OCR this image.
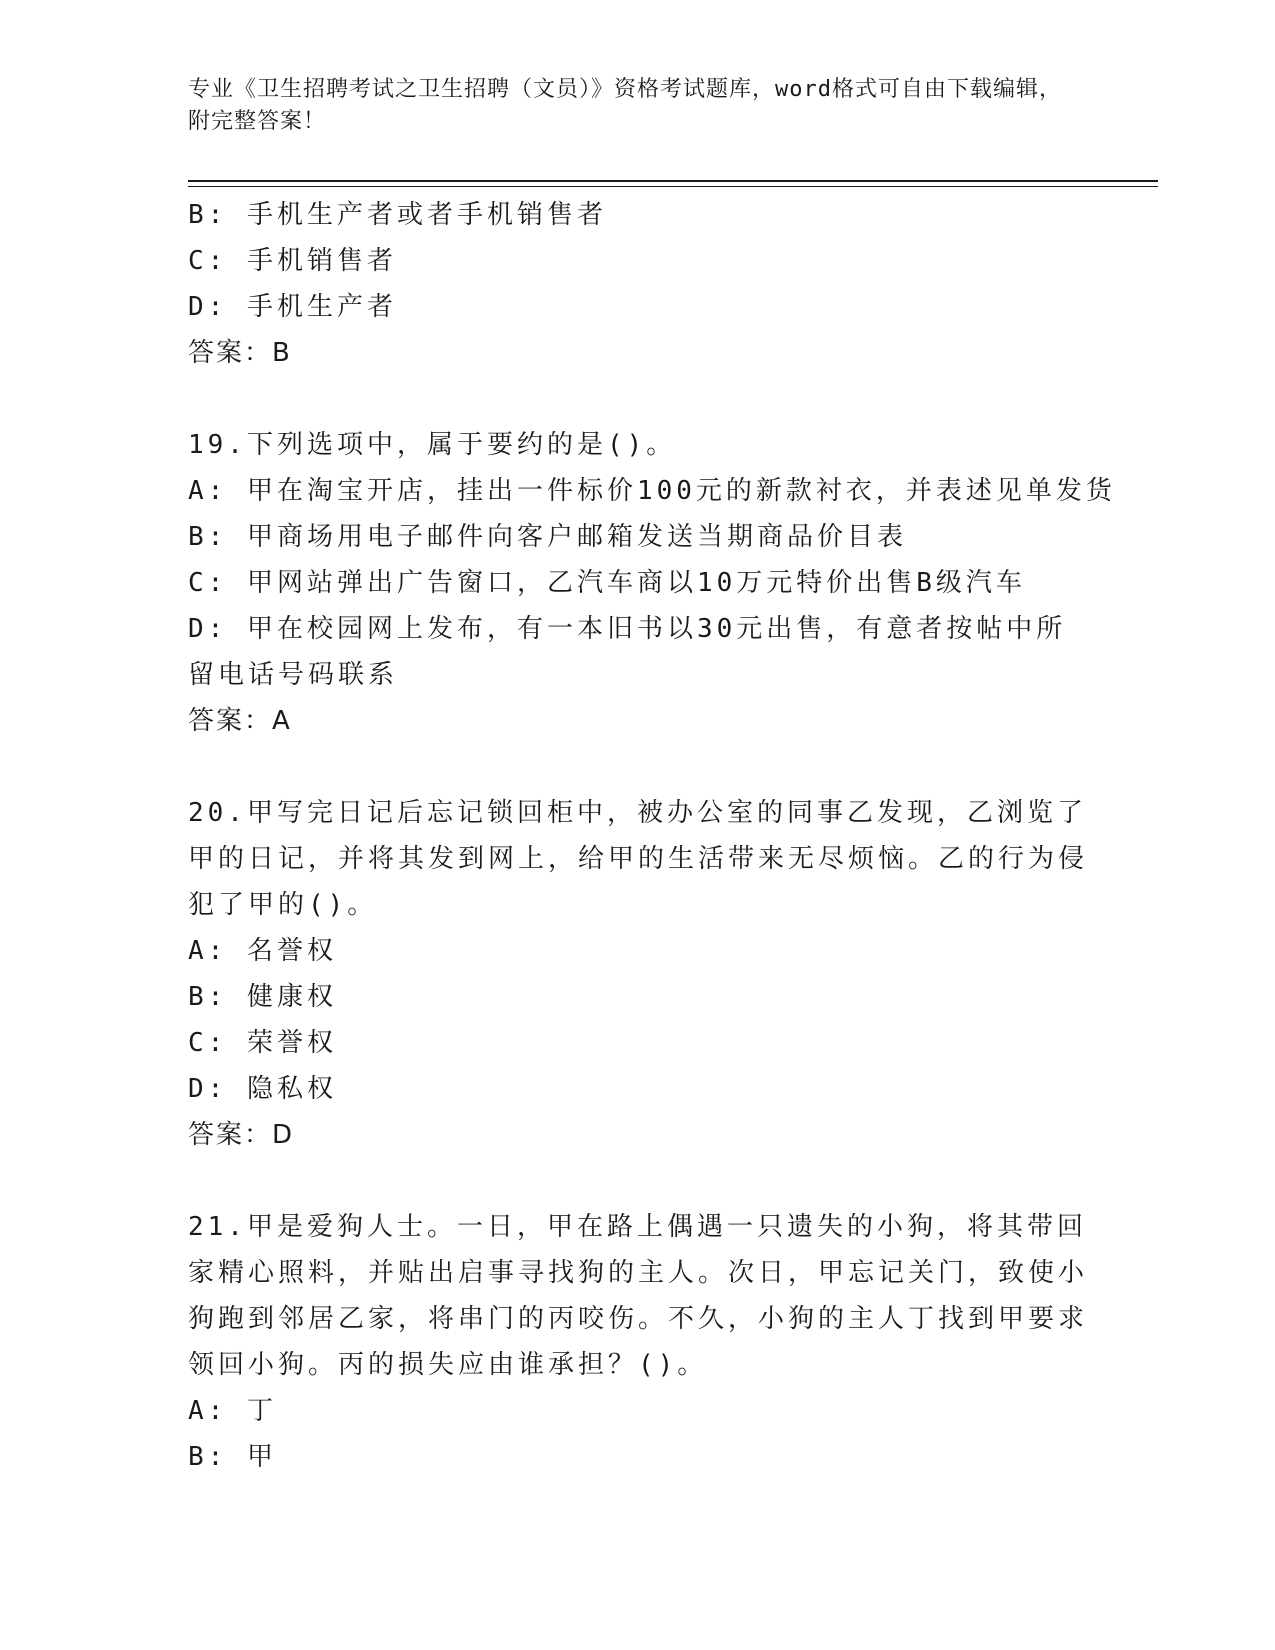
专业《卫生招聘考试之卫生招聘（文员）》资格考试题库，word格式可自由下载编辑，附完整答案！
B: 手机生产者或者手机销售者
C: 手机销售者
D: 手机生产者
答案：B
19.下列选项中，属于要约的是()。
A: 甲在淘宝开店，挂出一件标价100元的新款衬衣，并表述见单发货
B: 甲商场用电子邮件向客户邮箱发送当期商品价目表
C: 甲网站弹出广告窗口，乙汽车商以10万元特价出售B级汽车
D: 甲在校园网上发布，有一本旧书以30元出售，有意者按帖中所留电话号码联系
答案：A
20.甲写完日记后忘记锁回柜中，被办公室的同事乙发现，乙浏览了甲的日记，并将其发到网上，给甲的生活带来无尽烦恼。乙的行为侵犯了甲的()。
A: 名誉权
B: 健康权
C: 荣誉权
D: 隐私权
答案：D
21.甲是爱狗人士。一日，甲在路上偶遇一只遗失的小狗，将其带回家精心照料，并贴出启事寻找狗的主人。次日，甲忘记关门，致使小狗跑到邻居乙家，将串门的丙咬伤。不久，小狗的主人丁找到甲要求领回小狗。丙的损失应由谁承担？()。
A: 丁
B: 甲
